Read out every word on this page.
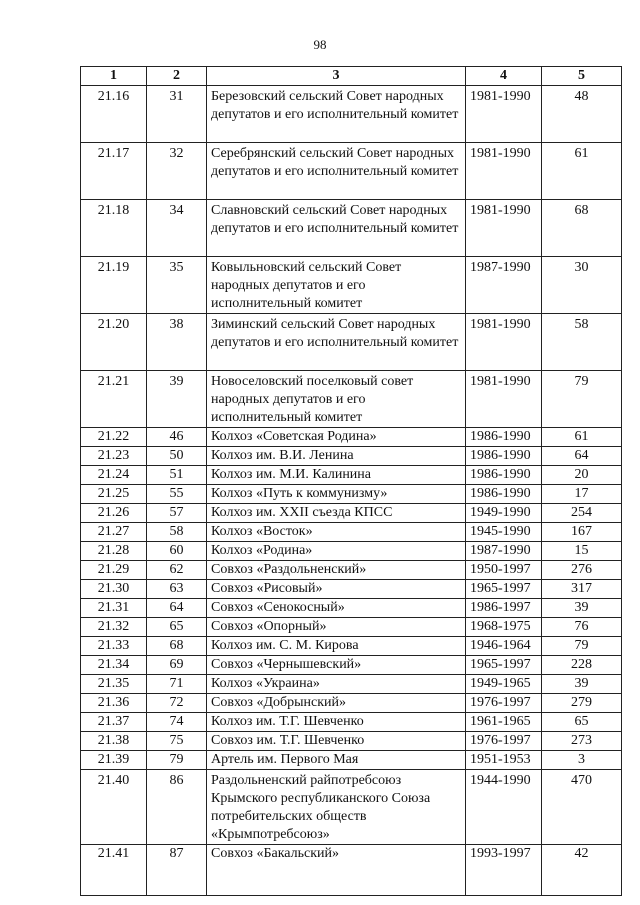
98
1	2	3	4	5
21.16	31	Березовский сельский Совет народных депутатов и его исполнительный комитет	1981-1990	48
21.17	32	Серебрянский сельский Совет народных депутатов и его исполнительный комитет	1981-1990	61
21.18	34	Славновский сельский Совет народных депутатов и его исполнительный комитет	1981-1990	68
21.19	35	Ковыльновский сельский Совет народных депутатов и его исполнительный комитет	1987-1990	30
21.20	38	Зиминский сельский Совет народных депутатов и его исполнительный комитет	1981-1990	58
21.21	39	Новоселовский поселковый совет народных депутатов и его исполнительный комитет	1981-1990	79
21.22	46	Колхоз «Советская Родина»	1986-1990	61
21.23	50	Колхоз им. В.И. Ленина	1986-1990	64
21.24	51	Колхоз им. М.И. Калинина	1986-1990	20
21.25	55	Колхоз «Путь к коммунизму»	1986-1990	17
21.26	57	Колхоз им. XXII съезда КПСС	1949-1990	254
21.27	58	Колхоз «Восток»	1945-1990	167
21.28	60	Колхоз «Родина»	1987-1990	15
21.29	62	Совхоз «Раздольненский»	1950-1997	276
21.30	63	Совхоз «Рисовый»	1965-1997	317
21.31	64	Совхоз «Сенокосный»	1986-1997	39
21.32	65	Совхоз «Опорный»	1968-1975	76
21.33	68	Колхоз им. С. М. Кирова	1946-1964	79
21.34	69	Совхоз «Чернышевский»	1965-1997	228
21.35	71	Колхоз «Украина»	1949-1965	39
21.36	72	Совхоз «Добрынский»	1976-1997	279
21.37	74	Колхоз им. Т.Г. Шевченко	1961-1965	65
21.38	75	Совхоз им. Т.Г. Шевченко	1976-1997	273
21.39	79	Артель им. Первого Мая	1951-1953	3
21.40	86	Раздольненский райпотребсоюз Крымского республиканского Союза потребительских обществ «Крымпотребсоюз»	1944-1990	470
21.41	87	Совхоз «Бакальский»	1993-1997	42
